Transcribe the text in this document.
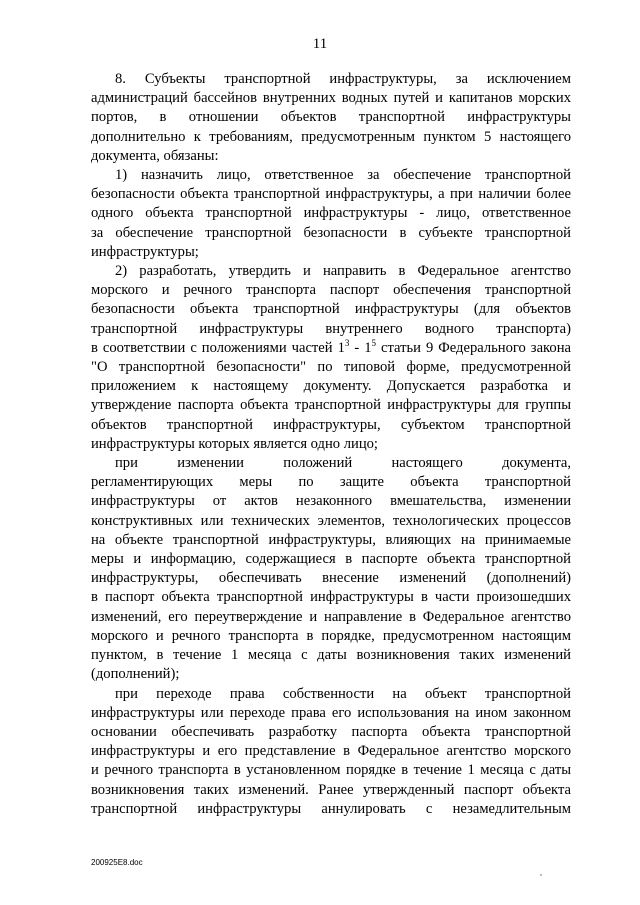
11
8. Субъекты транспортной инфраструктуры, за исключением
администраций бассейнов внутренних водных путей и капитанов морских
портов, в отношении объектов транспортной инфраструктуры
дополнительно к требованиям, предусмотренным пунктом 5 настоящего
документа, обязаны:
1) назначить лицо, ответственное за обеспечение транспортной
безопасности объекта транспортной инфраструктуры, а при наличии более
одного объекта транспортной инфраструктуры - лицо, ответственное
за обеспечение транспортной безопасности в субъекте транспортной
инфраструктуры;
2) разработать, утвердить и направить в Федеральное агентство
морского и речного транспорта паспорт обеспечения транспортной
безопасности объекта транспортной инфраструктуры (для объектов
транспортной инфраструктуры внутреннего водного транспорта)
в соответствии с положениями частей $1^3 - 1^5$ статьи 9 Федерального закона
"О транспортной безопасности" по типовой форме, предусмотренной
приложением к настоящему документу. Допускается разработка и
утверждение паспорта объекта транспортной инфраструктуры для группы
объектов транспортной инфраструктуры, субъектом транспортной
инфраструктуры которых является одно лицо;
при изменении положений настоящего документа,
регламентирующих меры по защите объекта транспортной
инфраструктуры от актов незаконного вмешательства, изменении
конструктивных или технических элементов, технологических процессов
на объекте транспортной инфраструктуры, влияющих на принимаемые
меры и информацию, содержащиеся в паспорте объекта транспортной
инфраструктуры, обеспечивать внесение изменений (дополнений)
в паспорт объекта транспортной инфраструктуры в части произошедших
изменений, его переутверждение и направление в Федеральное агентство
морского и речного транспорта в порядке, предусмотренном настоящим
пунктом, в течение 1 месяца с даты возникновения таких изменений
(дополнений);
при переходе права собственности на объект транспортной
инфраструктуры или переходе права его использования на ином законном
основании обеспечивать разработку паспорта объекта транспортной
инфраструктуры и его представление в Федеральное агентство морского
и речного транспорта в установленном порядке в течение 1 месяца с даты
возникновения таких изменений. Ранее утвержденный паспорт объекта
транспортной инфраструктуры аннулировать с незамедлительным
200925E8.doc
